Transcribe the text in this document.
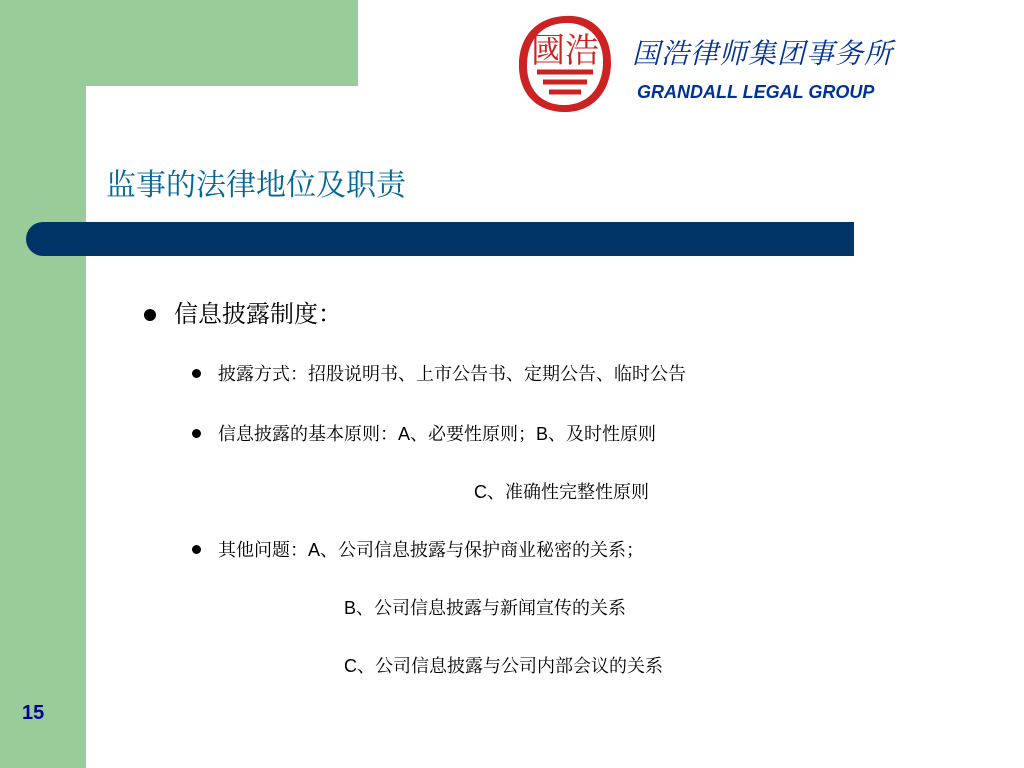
國浩 国浩律师集团事务所
GRANDALL LEGAL GROUP
监事的法律地位及职责
信息披露制度：
披露方式：招股说明书、上市公告书、定期公告、临时公告
信息披露的基本原则：A、必要性原则；B、及时性原则
C、准确性完整性原则
其他问题：A、公司信息披露与保护商业秘密的关系；
B、公司信息披露与新闻宣传的关系
C、公司信息披露与公司内部会议的关系
15
